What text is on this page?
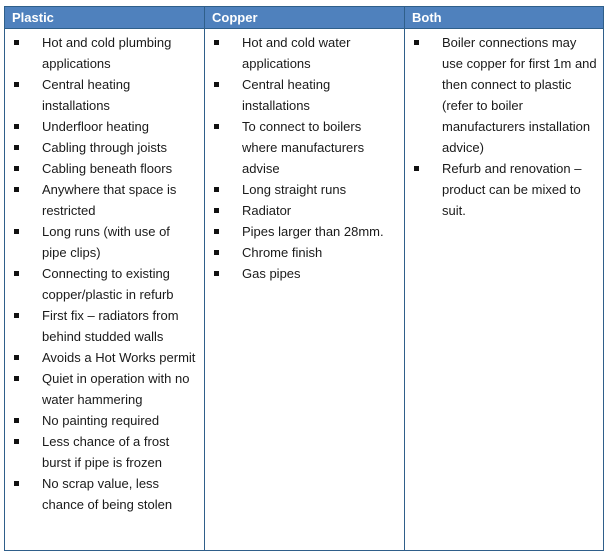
Plastic
Hot and cold plumbing applications
Central heating installations
Underfloor heating
Cabling through joists
Cabling beneath floors
Anywhere that space is restricted
Long runs (with use of pipe clips)
Connecting to existing copper/plastic in refurb
First fix – radiators from behind studded walls
Avoids a Hot Works permit
Quiet in operation with no water hammering
No painting required
Less chance of a frost burst if pipe is frozen
No scrap value, less chance of being stolen
Copper
Hot and cold water applications
Central heating installations
To connect to boilers where manufacturers advise
Long straight runs
Radiator
Pipes larger than 28mm.
Chrome finish
Gas pipes
Both
Boiler connections may use copper for first 1m and then connect to plastic (refer to boiler manufacturers installation advice)
Refurb and renovation – product can be mixed to suit.
